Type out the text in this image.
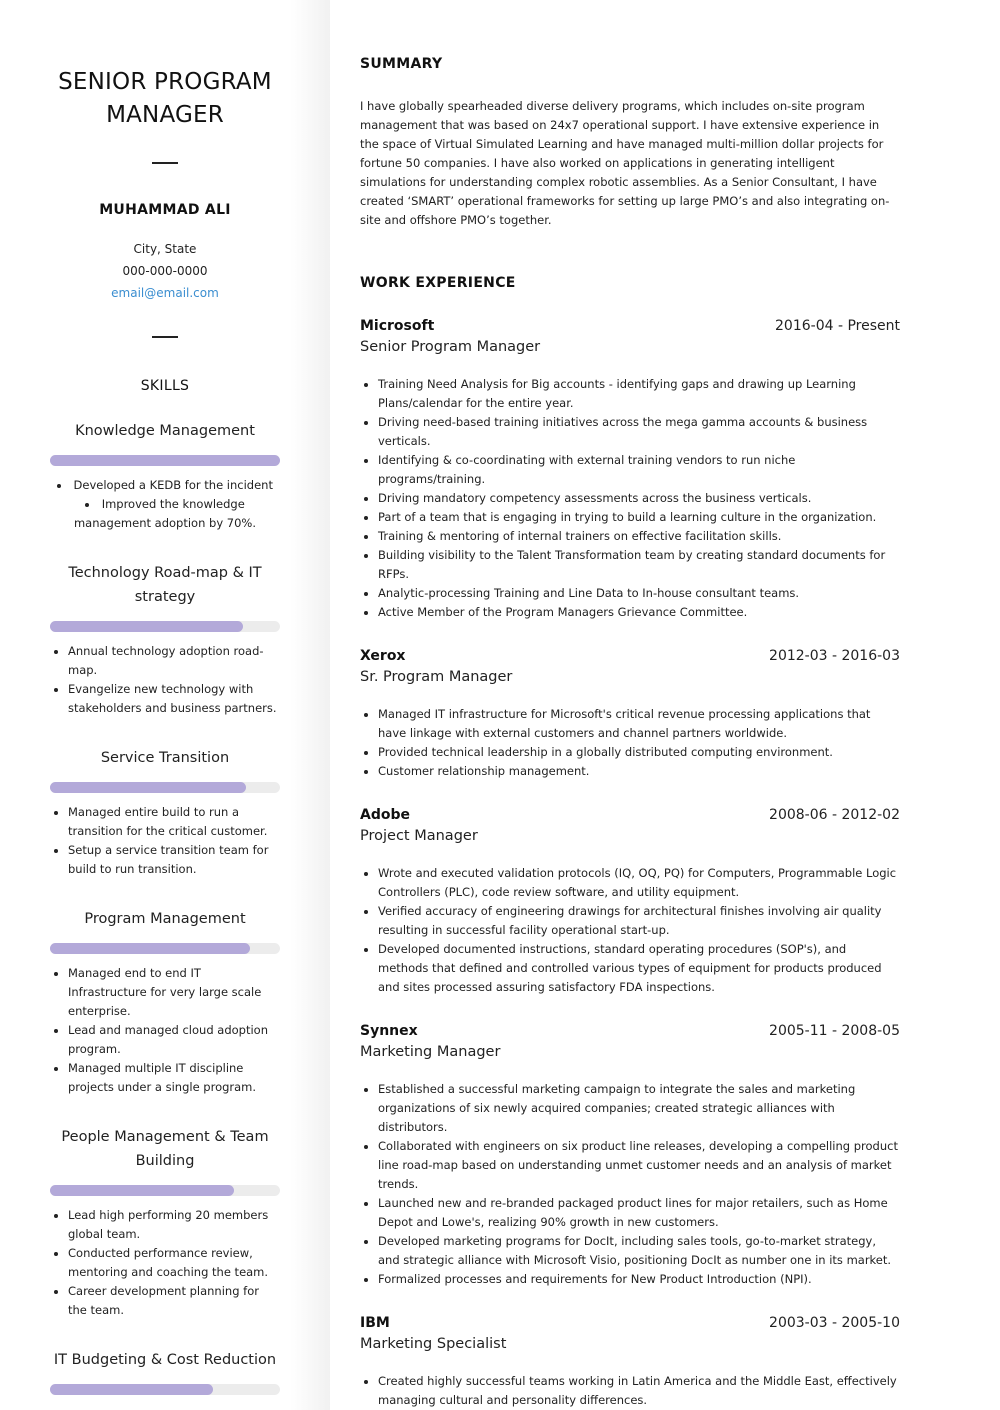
SENIOR PROGRAM
MANAGER
MUHAMMAD ALI
City, State
000-000-0000
email@email.com
SKILLS
Knowledge Management
• Developed a KEDB for the incident
• Improved the knowledge management adoption by 70%.
Technology Road-map & IT
strategy
• Annual technology adoption road-map.
• Evangelize new technology with stakeholders and business partners.
Service Transition
• Managed entire build to run a transition for the critical customer.
• Setup a service transition team for build to run transition.
Program Management
• Managed end to end IT Infrastructure for very large scale enterprise.
• Lead and managed cloud adoption program.
• Managed multiple IT discipline projects under a single program.
People Management & Team
Building
• Lead high performing 20 members global team.
• Conducted performance review, mentoring and coaching the team.
• Career development planning for the team.
IT Budgeting & Cost Reduction
SUMMARY

I have globally spearheaded diverse delivery programs, which includes on-site program management that was based on 24x7 operational support. I have extensive experience in the space of Virtual Simulated Learning and have managed multi-million dollar projects for fortune 50 companies. I have also worked on applications in generating intelligent simulations for understanding complex robotic assemblies. As a Senior Consultant, I have created ‘SMART’ operational frameworks for setting up large PMO’s and also integrating on-site and offshore PMO’s together.

WORK EXPERIENCE
Microsoft	2016-04 - Present
Senior Program Manager
• Training Need Analysis for Big accounts - identifying gaps and drawing up Learning Plans/calendar for the entire year.
• Driving need-based training initiatives across the mega gamma accounts & business verticals.
• Identifying & co-coordinating with external training vendors to run niche programs/training.
• Driving mandatory competency assessments across the business verticals.
• Part of a team that is engaging in trying to build a learning culture in the organization.
• Training & mentoring of internal trainers on effective facilitation skills.
• Building visibility to the Talent Transformation team by creating standard documents for RFPs.
• Analytic-processing Training and Line Data to In-house consultant teams.
• Active Member of the Program Managers Grievance Committee.
Xerox	2012-03 - 2016-03
Sr. Program Manager
• Managed IT infrastructure for Microsoft's critical revenue processing applications that have linkage with external customers and channel partners worldwide.
• Provided technical leadership in a globally distributed computing environment.
• Customer relationship management.
Adobe	2008-06 - 2012-02
Project Manager
• Wrote and executed validation protocols (IQ, OQ, PQ) for Computers, Programmable Logic Controllers (PLC), code review software, and utility equipment.
• Verified accuracy of engineering drawings for architectural finishes involving air quality resulting in successful facility operational start-up.
• Developed documented instructions, standard operating procedures (SOP's), and methods that defined and controlled various types of equipment for products produced and sites processed assuring satisfactory FDA inspections.
Synnex	2005-11 - 2008-05
Marketing Manager
• Established a successful marketing campaign to integrate the sales and marketing organizations of six newly acquired companies; created strategic alliances with distributors.
• Collaborated with engineers on six product line releases, developing a compelling product line road-map based on understanding unmet customer needs and an analysis of market trends.
• Launched new and re-branded packaged product lines for major retailers, such as Home Depot and Lowe's, realizing 90% growth in new customers.
• Developed marketing programs for DocIt, including sales tools, go-to-market strategy, and strategic alliance with Microsoft Visio, positioning DocIt as number one in its market.
• Formalized processes and requirements for New Product Introduction (NPI).
IBM	2003-03 - 2005-10
Marketing Specialist
• Created highly successful teams working in Latin America and the Middle East, effectively managing cultural and personality differences.
